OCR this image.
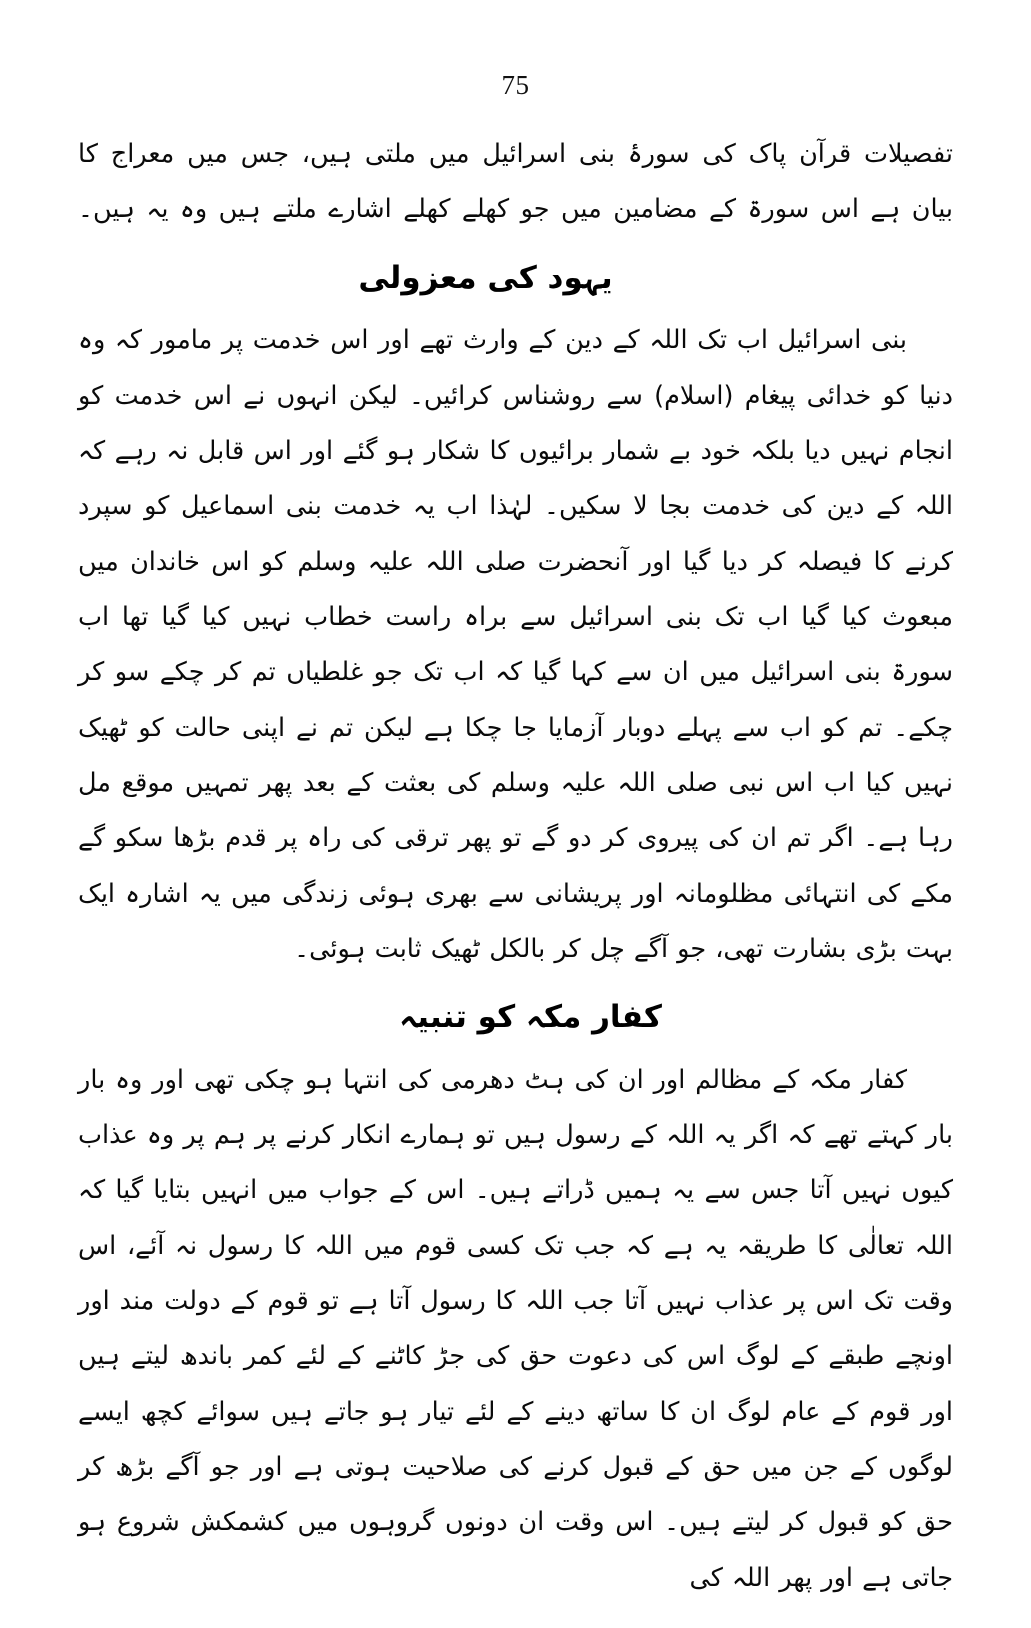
75

تفصیلات قرآن پاک کی سورۂ بنی اسرائیل میں ملتی ہیں، جس میں معراج کا بیان ہے اس سورۃ کے مضامین میں جو کھلے کھلے اشارے ملتے ہیں وہ یہ ہیں۔

یہود کی معزولی

بنی اسرائیل اب تک اللہ کے دین کے وارث تھے اور اس خدمت پر مامور کہ وہ دنیا کو خدائی پیغام (اسلام) سے روشناس کرائیں۔ لیکن انہوں نے اس خدمت کو انجام نہیں دیا بلکہ خود بے شمار برائیوں کا شکار ہو گئے اور اس قابل نہ رہے کہ اللہ کے دین کی خدمت بجا لا سکیں۔ لہٰذا اب یہ خدمت بنی اسماعیل کو سپرد کرنے کا فیصلہ کر دیا گیا اور آنحضرت صلی اللہ علیہ وسلم کو اس خاندان میں مبعوث کیا گیا اب تک بنی اسرائیل سے براہ راست خطاب نہیں کیا گیا تھا اب سورۃ بنی اسرائیل میں ان سے کہا گیا کہ اب تک جو غلطیاں تم کر چکے سو کر چکے۔ تم کو اب سے پہلے دوبار آزمایا جا چکا ہے لیکن تم نے اپنی حالت کو ٹھیک نہیں کیا اب اس نبی صلی اللہ علیہ وسلم کی بعثت کے بعد پھر تمہیں موقع مل رہا ہے۔ اگر تم ان کی پیروی کر دو گے تو پھر ترقی کی راہ پر قدم بڑھا سکو گے مکے کی انتہائی مظلومانہ اور پریشانی سے بھری ہوئی زندگی میں یہ اشارہ ایک بہت بڑی بشارت تھی، جو آگے چل کر بالکل ٹھیک ثابت ہوئی۔

کفار مکہ کو تنبیہ

کفار مکہ کے مظالم اور ان کی ہٹ دھرمی کی انتہا ہو چکی تھی اور وہ بار بار کہتے تھے کہ اگر یہ اللہ کے رسول ہیں تو ہمارے انکار کرنے پر ہم پر وہ عذاب کیوں نہیں آتا جس سے یہ ہمیں ڈراتے ہیں۔ اس کے جواب میں انہیں بتایا گیا کہ اللہ تعالٰی کا طریقہ یہ ہے کہ جب تک کسی قوم میں اللہ کا رسول نہ آئے، اس وقت تک اس پر عذاب نہیں آتا جب اللہ کا رسول آتا ہے تو قوم کے دولت مند اور اونچے طبقے کے لوگ اس کی دعوت حق کی جڑ کاٹنے کے لئے کمر باندھ لیتے ہیں اور قوم کے عام لوگ ان کا ساتھ دینے کے لئے تیار ہو جاتے ہیں سوائے کچھ ایسے لوگوں کے جن میں حق کے قبول کرنے کی صلاحیت ہوتی ہے اور جو آگے بڑھ کر حق کو قبول کر لیتے ہیں۔ اس وقت ان دونوں گروہوں میں کشمکش شروع ہو جاتی ہے اور پھر اللہ کی
